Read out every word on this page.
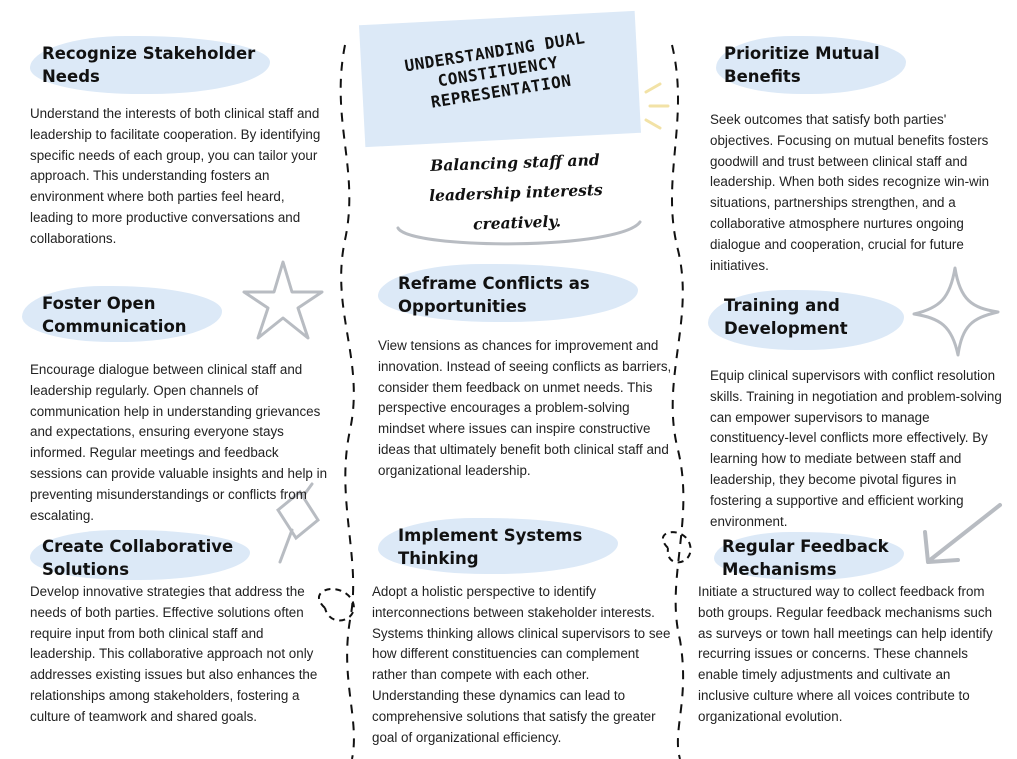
UNDERSTANDING DUAL CONSTITUENCY REPRESENTATION
Balancing staff and leadership interests creatively.
Recognize Stakeholder Needs

Understand the interests of both clinical staff and leadership to facilitate cooperation. By identifying specific needs of each group, you can tailor your approach. This understanding fosters an environment where both parties feel heard, leading to more productive conversations and collaborations.

Foster Open Communication

Encourage dialogue between clinical staff and leadership regularly. Open channels of communication help in understanding grievances and expectations, ensuring everyone stays informed. Regular meetings and feedback sessions can provide valuable insights and help in preventing misunderstandings or conflicts from escalating.

Create Collaborative Solutions

Develop innovative strategies that address the needs of both parties. Effective solutions often require input from both clinical staff and leadership. This collaborative approach not only addresses existing issues but also enhances the relationships among stakeholders, fostering a culture of teamwork and shared goals.

Reframe Conflicts as Opportunities

View tensions as chances for improvement and innovation. Instead of seeing conflicts as barriers, consider them feedback on unmet needs. This perspective encourages a problem-solving mindset where issues can inspire constructive ideas that ultimately benefit both clinical staff and organizational leadership.

Implement Systems Thinking

Adopt a holistic perspective to identify interconnections between stakeholder interests. Systems thinking allows clinical supervisors to see how different constituencies can complement rather than compete with each other. Understanding these dynamics can lead to comprehensive solutions that satisfy the greater goal of organizational efficiency.

Prioritize Mutual Benefits

Seek outcomes that satisfy both parties' objectives. Focusing on mutual benefits fosters goodwill and trust between clinical staff and leadership. When both sides recognize win-win situations, partnerships strengthen, and a collaborative atmosphere nurtures ongoing dialogue and cooperation, crucial for future initiatives.

Training and Development

Equip clinical supervisors with conflict resolution skills. Training in negotiation and problem-solving can empower supervisors to manage constituency-level conflicts more effectively. By learning how to mediate between staff and leadership, they become pivotal figures in fostering a supportive and efficient working environment.

Regular Feedback Mechanisms

Initiate a structured way to collect feedback from both groups. Regular feedback mechanisms such as surveys or town hall meetings can help identify recurring issues or concerns. These channels enable timely adjustments and cultivate an inclusive culture where all voices contribute to organizational evolution.
